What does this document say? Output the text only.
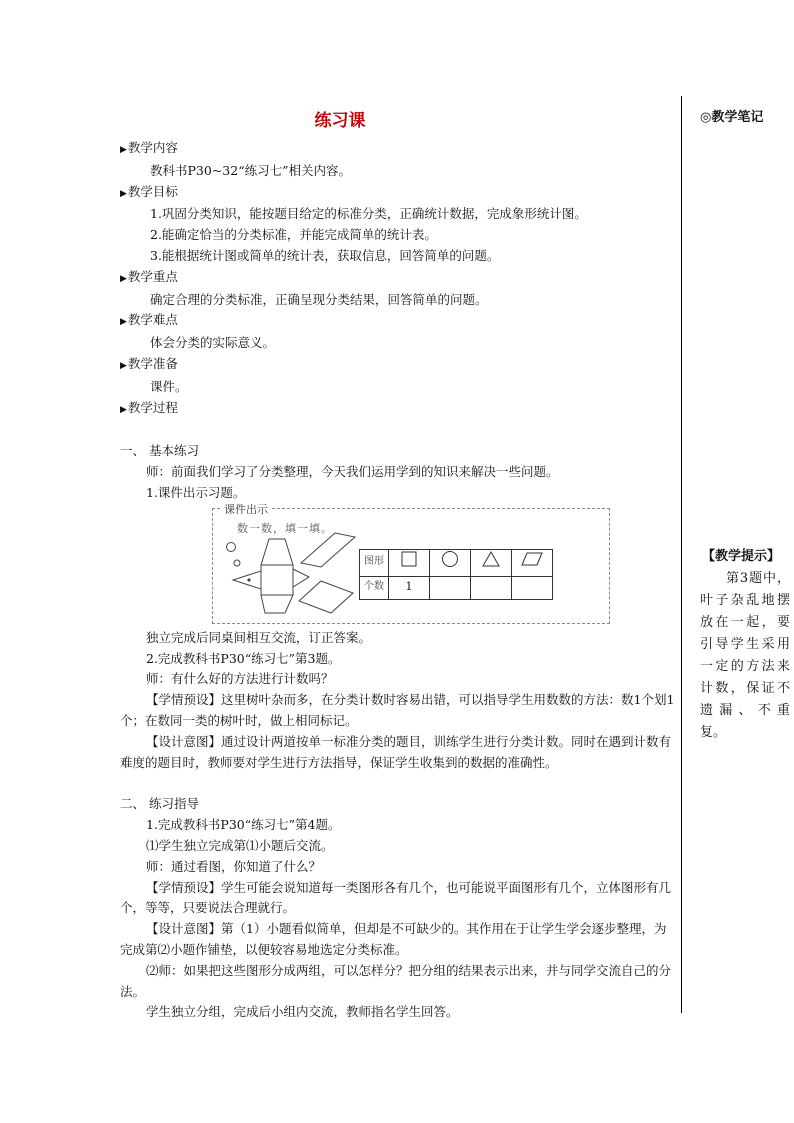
练习课	◎教学笔记

▶教学内容

教科书P30~32“练习七”相关内容。

▶教学目标

1.巩固分类知识，能按题目给定的标准分类，正确统计数据，完成象形统计图。

2.能确定恰当的分类标准，并能完成简单的统计表。

3.能根据统计图或简单的统计表，获取信息，回答简单的问题。

▶教学重点

确定合理的分类标准，正确呈现分类结果，回答简单的问题。

▶教学难点

体会分类的实际意义。

▶教学准备

课件。

▶教学过程

一、 基本练习

师：前面我们学习了分类整理，今天我们运用学到的知识来解决一些问题。

1.课件出示习题。

课件出示
数一数，填一填。
图形				
个数	1			

独立完成后同桌间相互交流，订正答案。

2.完成教科书P30“练习七”第3题。

师：有什么好的方法进行计数吗？

【学情预设】这里树叶杂而多，在分类计数时容易出错，可以指导学生用数数的方法：数1个划1个；在数同一类的树叶时，做上相同标记。

【设计意图】通过设计两道按单一标准分类的题目，训练学生进行分类计数。同时在遇到计数有难度的题目时，教师要对学生进行方法指导，保证学生收集到的数据的准确性。

二、 练习指导

1.完成教科书P30“练习七”第4题。

⑴学生独立完成第⑴小题后交流。

师：通过看图，你知道了什么？

【学情预设】学生可能会说知道每一类图形各有几个，也可能说平面图形有几个，立体图形有几个，等等，只要说法合理就行。

【设计意图】第（1）小题看似简单，但却是不可缺少的。其作用在于让学生学会逐步整理，为完成第⑵小题作铺垫，以便较容易地选定分类标准。

⑵师：如果把这些图形分成两组，可以怎样分？把分组的结果表示出来，并与同学交流自己的分法。

学生独立分组，完成后小组内交流，教师指名学生回答。

【教学提示】
第3题中，叶子杂乱地摆放在一起，要引导学生采用一定的方法来计数，保证不遗漏、不重复。
